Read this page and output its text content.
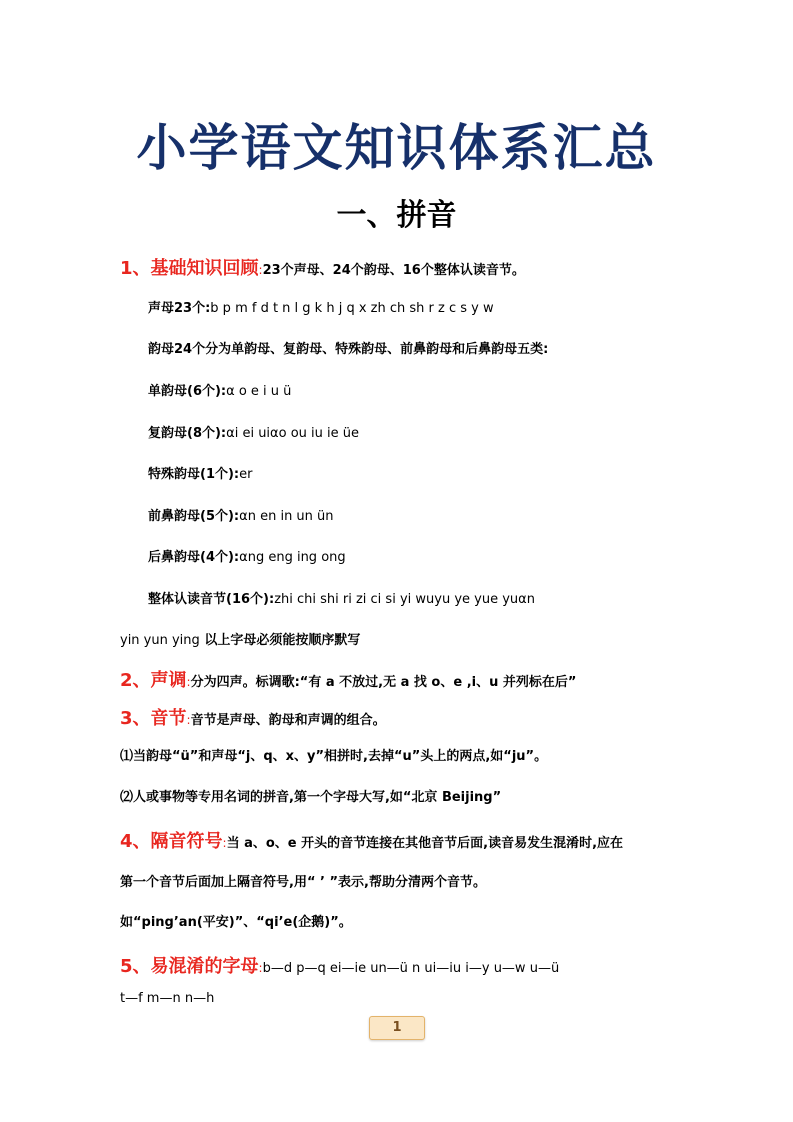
小学语文知识体系汇总
一、拼音
1、基础知识回顾:23个声母、24个韵母、16个整体认读音节。
声母23个:b p m f d t n l g k h j q x zh ch sh r z c s y w
韵母24个分为单韵母、复韵母、特殊韵母、前鼻韵母和后鼻韵母五类:
单韵母(6个):α o e i u ü
复韵母(8个):αi ei uiαo ou iu ie üe
特殊韵母(1个):er
前鼻韵母(5个):αn en in un ün
后鼻韵母(4个):αng eng ing ong
整体认读音节(16个):zhi chi shi ri zi ci si yi wuyu ye yue yuαn
yin yun ying 以上字母必须能按顺序默写
2、声调:分为四声。标调歌:“有 a 不放过,无 a 找 o、e ,i、u 并列标在后”
3、音节:音节是声母、韵母和声调的组合。
⑴当韵母“ü”和声母“j、q、x、y”相拼时,去掉“u”头上的两点,如“ju”。
⑵人或事物等专用名词的拼音,第一个字母大写,如“北京 Beijing”
4、隔音符号:当 a、o、e 开头的音节连接在其他音节后面,读音易发生混淆时,应在
第一个音节后面加上隔音符号,用“ ’ ”表示,帮助分清两个音节。
如“ping’an(平安)”、“qi’e(企鹅)”。
5、易混淆的字母:b—d p—q ei—ie un—ü n ui—iu i—y u—w u—ü
t—f m—n n—h
1
